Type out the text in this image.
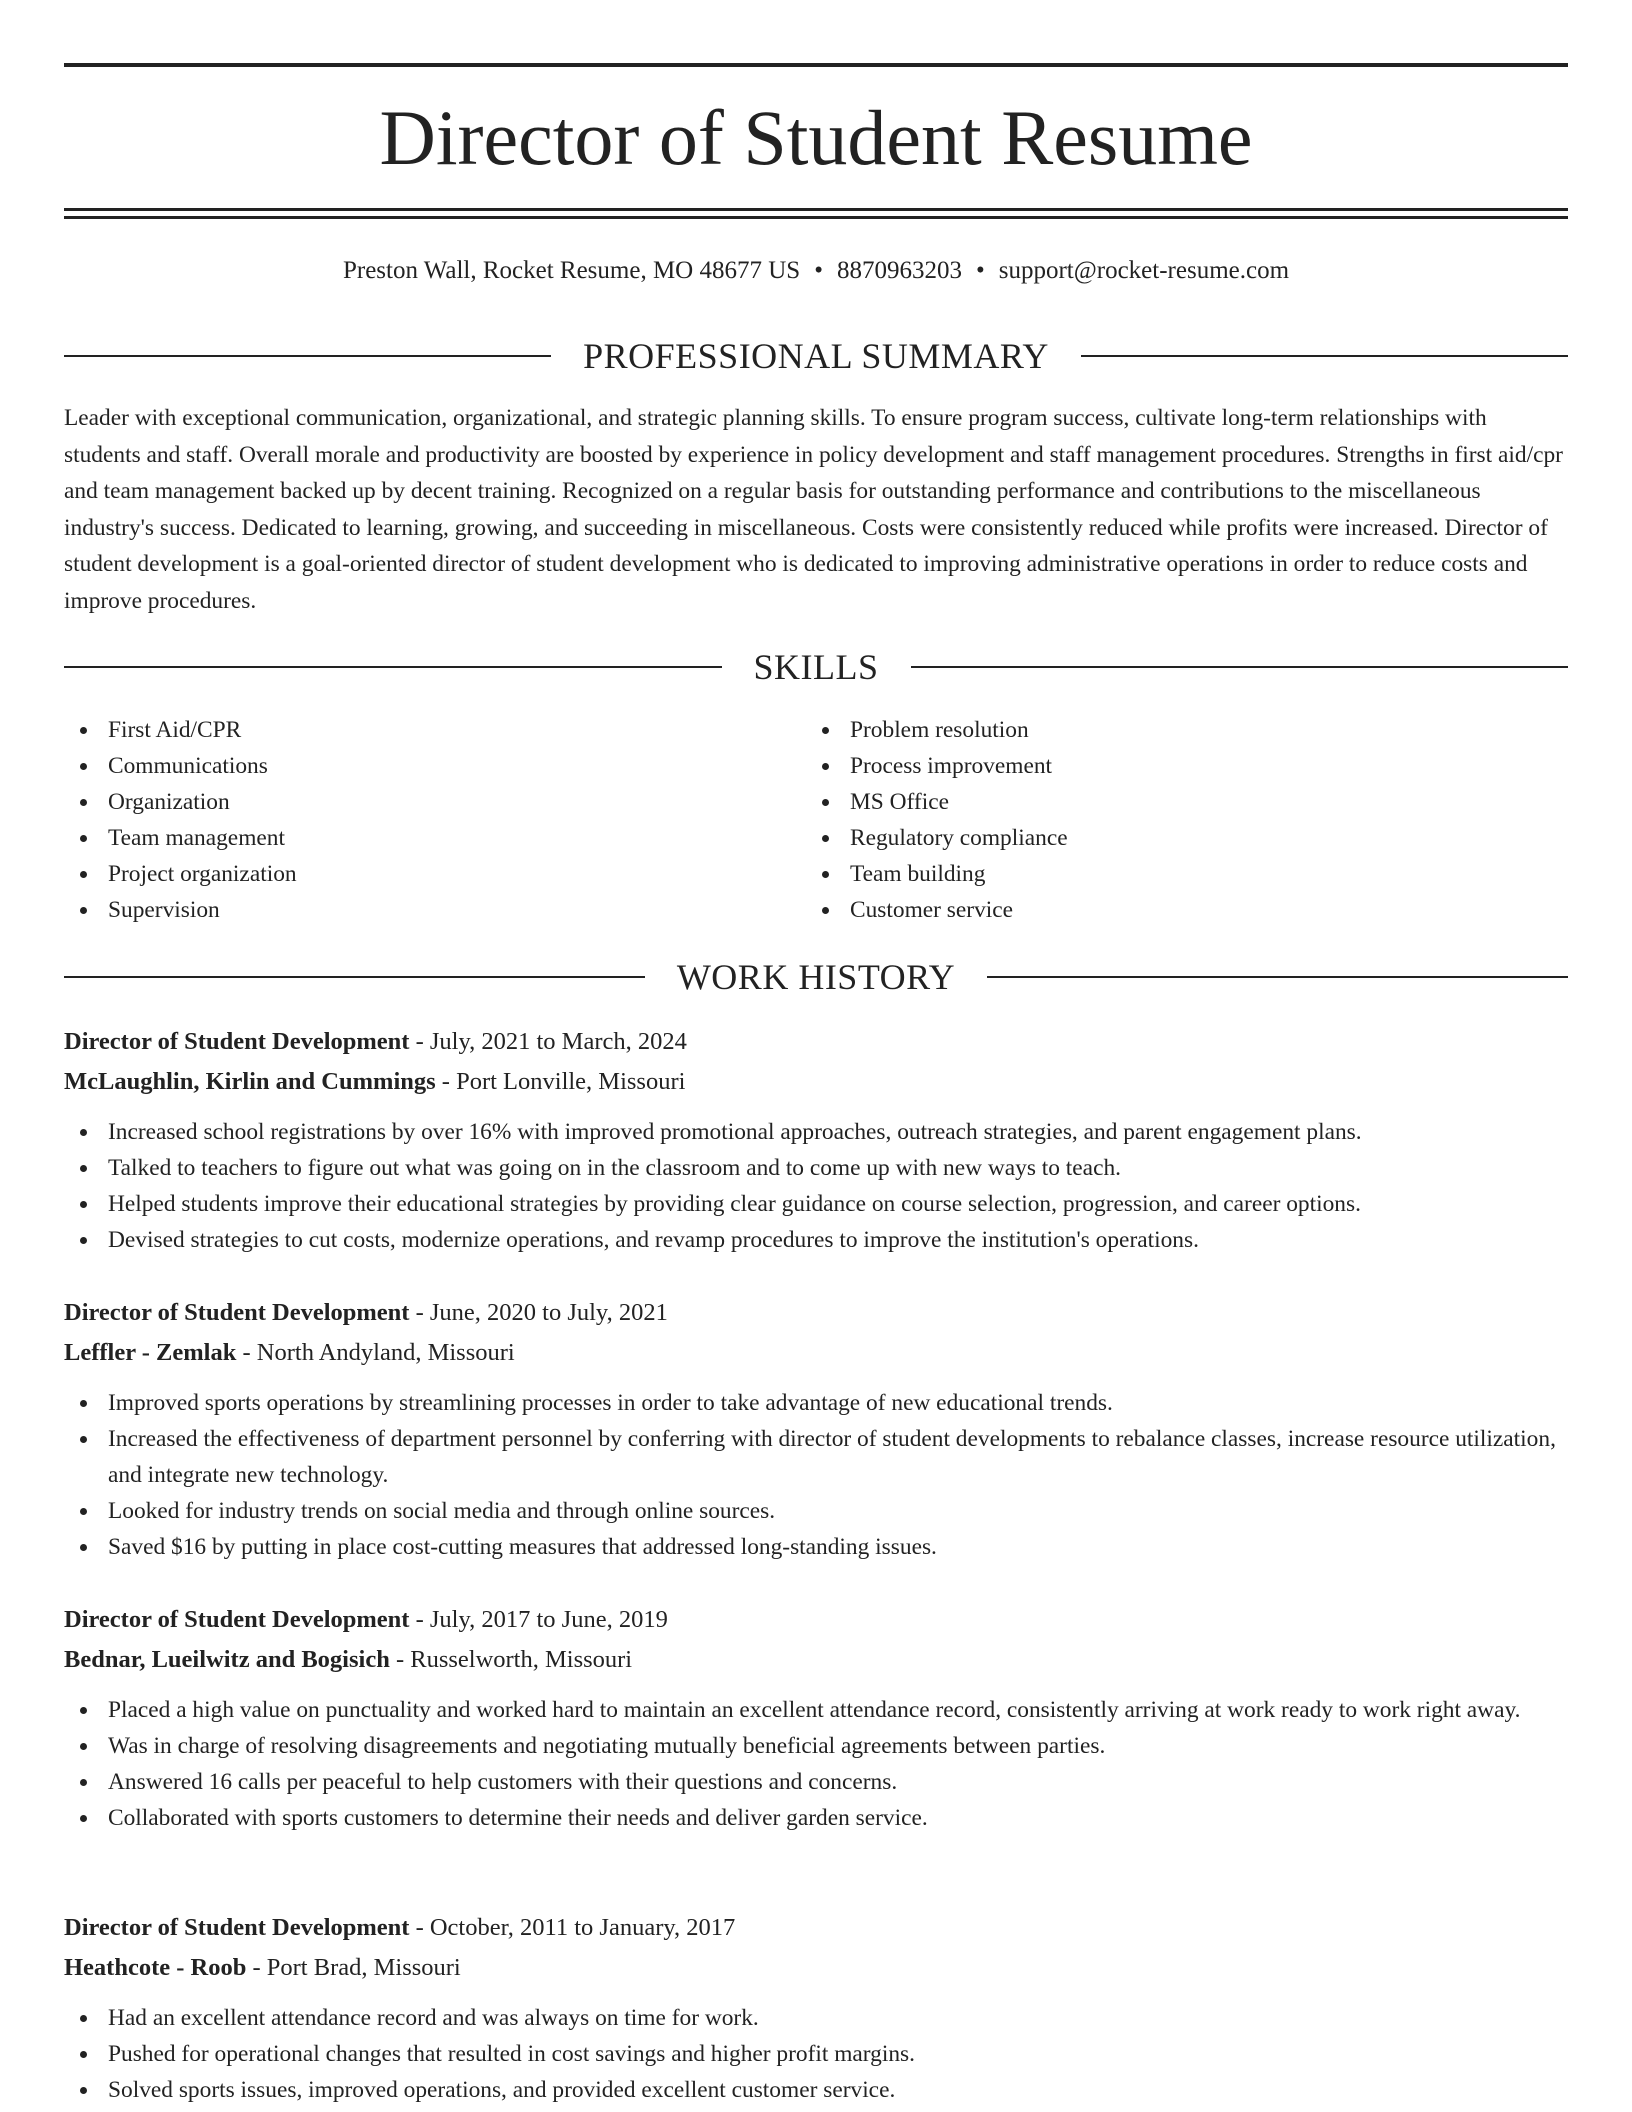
Director of Student Resume
Preston Wall, Rocket Resume, MO 48677 US • 8870963203 • support@rocket-resume.com
PROFESSIONAL SUMMARY

Leader with exceptional communication, organizational, and strategic planning skills. To ensure program success, cultivate long-term relationships with students and staff. Overall morale and productivity are boosted by experience in policy development and staff management procedures. Strengths in first aid/cpr and team management backed up by decent training. Recognized on a regular basis for outstanding performance and contributions to the miscellaneous industry's success. Dedicated to learning, growing, and succeeding in miscellaneous. Costs were consistently reduced while profits were increased. Director of student development is a goal-oriented director of student development who is dedicated to improving administrative operations in order to reduce costs and improve procedures.

SKILLS
First Aid/CPR
Communications
Organization
Team management
Project organization
Supervision
Problem resolution
Process improvement
MS Office
Regulatory compliance
Team building
Customer service
WORK HISTORY
Director of Student Development - July, 2021 to March, 2024
McLaughlin, Kirlin and Cummings - Port Lonville, Missouri
Increased school registrations by over 16% with improved promotional approaches, outreach strategies, and parent engagement plans.
Talked to teachers to figure out what was going on in the classroom and to come up with new ways to teach.
Helped students improve their educational strategies by providing clear guidance on course selection, progression, and career options.
Devised strategies to cut costs, modernize operations, and revamp procedures to improve the institution's operations.
Director of Student Development - June, 2020 to July, 2021
Leffler - Zemlak - North Andyland, Missouri
Improved sports operations by streamlining processes in order to take advantage of new educational trends.
Increased the effectiveness of department personnel by conferring with director of student developments to rebalance classes, increase resource utilization, and integrate new technology.
Looked for industry trends on social media and through online sources.
Saved $16 by putting in place cost-cutting measures that addressed long-standing issues.
Director of Student Development - July, 2017 to June, 2019
Bednar, Lueilwitz and Bogisich - Russelworth, Missouri
Placed a high value on punctuality and worked hard to maintain an excellent attendance record, consistently arriving at work ready to work right away.
Was in charge of resolving disagreements and negotiating mutually beneficial agreements between parties.
Answered 16 calls per peaceful to help customers with their questions and concerns.
Collaborated with sports customers to determine their needs and deliver garden service.
Director of Student Development - October, 2011 to January, 2017
Heathcote - Roob - Port Brad, Missouri
Had an excellent attendance record and was always on time for work.
Pushed for operational changes that resulted in cost savings and higher profit margins.
Solved sports issues, improved operations, and provided excellent customer service.
